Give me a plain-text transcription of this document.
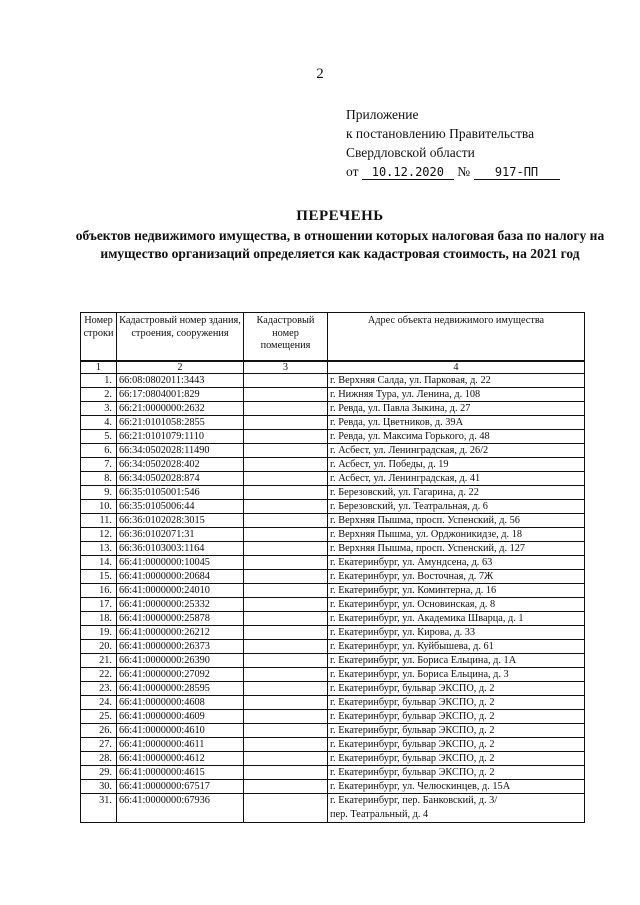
2
Приложение
к постановлению Правительства
Свердловской области
от 10.12.2020 № 917-ПП
ПЕРЕЧЕНЬ
объектов недвижимого имущества, в отношении которых налоговая база по налогу на имущество организаций определяется как кадастровая стоимость, на 2021 год
Номер строки	Кадастровый номер здания, строения, сооружения	Кадастровый номер помещения	Адрес объекта недвижимого имущества
1	2	3	4
1.	66:08:0802011:3443		г. Верхняя Салда, ул. Парковая, д. 22
2.	66:17:0804001:829		г. Нижняя Тура, ул. Ленина, д. 108
3.	66:21:0000000:2632		г. Ревда, ул. Павла Зыкина, д. 27
4.	66:21:0101058:2855		г. Ревда, ул. Цветников, д. 39А
5.	66:21:0101079:1110		г. Ревда, ул. Максима Горького, д. 48
6.	66:34:0502028:11490		г. Асбест, ул. Ленинградская, д. 26/2
7.	66:34:0502028:402		г. Асбест, ул. Победы, д. 19
8.	66:34:0502028:874		г. Асбест, ул. Ленинградская, д. 41
9.	66:35:0105001:546		г. Березовский, ул. Гагарина, д. 22
10.	66:35:0105006:44		г. Березовский, ул. Театральная, д. 6
11.	66:36:0102028:3015		г. Верхняя Пышма, просп. Успенский, д. 56
12.	66:36:0102071:31		г. Верхняя Пышма, ул. Орджоникидзе, д. 18
13.	66:36:0103003:1164		г. Верхняя Пышма, просп. Успенский, д. 127
14.	66:41:0000000:10045		г. Екатеринбург, ул. Амундсена, д. 63
15.	66:41:0000000:20684		г. Екатеринбург, ул. Восточная, д. 7Ж
16.	66:41:0000000:24010		г. Екатеринбург, ул. Коминтерна, д. 16
17.	66:41:0000000:25332		г. Екатеринбург, ул. Основинская, д. 8
18.	66:41:0000000:25878		г. Екатеринбург, ул. Академика Шварца, д. 1
19.	66:41:0000000:26212		г. Екатеринбург, ул. Кирова, д. 33
20.	66:41:0000000:26373		г. Екатеринбург, ул. Куйбышева, д. 61
21.	66:41:0000000:26390		г. Екатеринбург, ул. Бориса Ельцина, д. 1А
22.	66:41:0000000:27092		г. Екатеринбург, ул. Бориса Ельцина, д. 3
23.	66:41:0000000:28595		г. Екатеринбург, бульвар ЭКСПО, д. 2
24.	66:41:0000000:4608		г. Екатеринбург, бульвар ЭКСПО, д. 2
25.	66:41:0000000:4609		г. Екатеринбург, бульвар ЭКСПО, д. 2
26.	66:41:0000000:4610		г. Екатеринбург, бульвар ЭКСПО, д. 2
27.	66:41:0000000:4611		г. Екатеринбург, бульвар ЭКСПО, д. 2
28.	66:41:0000000:4612		г. Екатеринбург, бульвар ЭКСПО, д. 2
29.	66:41:0000000:4615		г. Екатеринбург, бульвар ЭКСПО, д. 2
30.	66:41:0000000:67517		г. Екатеринбург, ул. Челюскинцев, д. 15А
31.	66:41:0000000:67936		г. Екатеринбург, пер. Банковский, д. 3/
пер. Театральный, д. 4
